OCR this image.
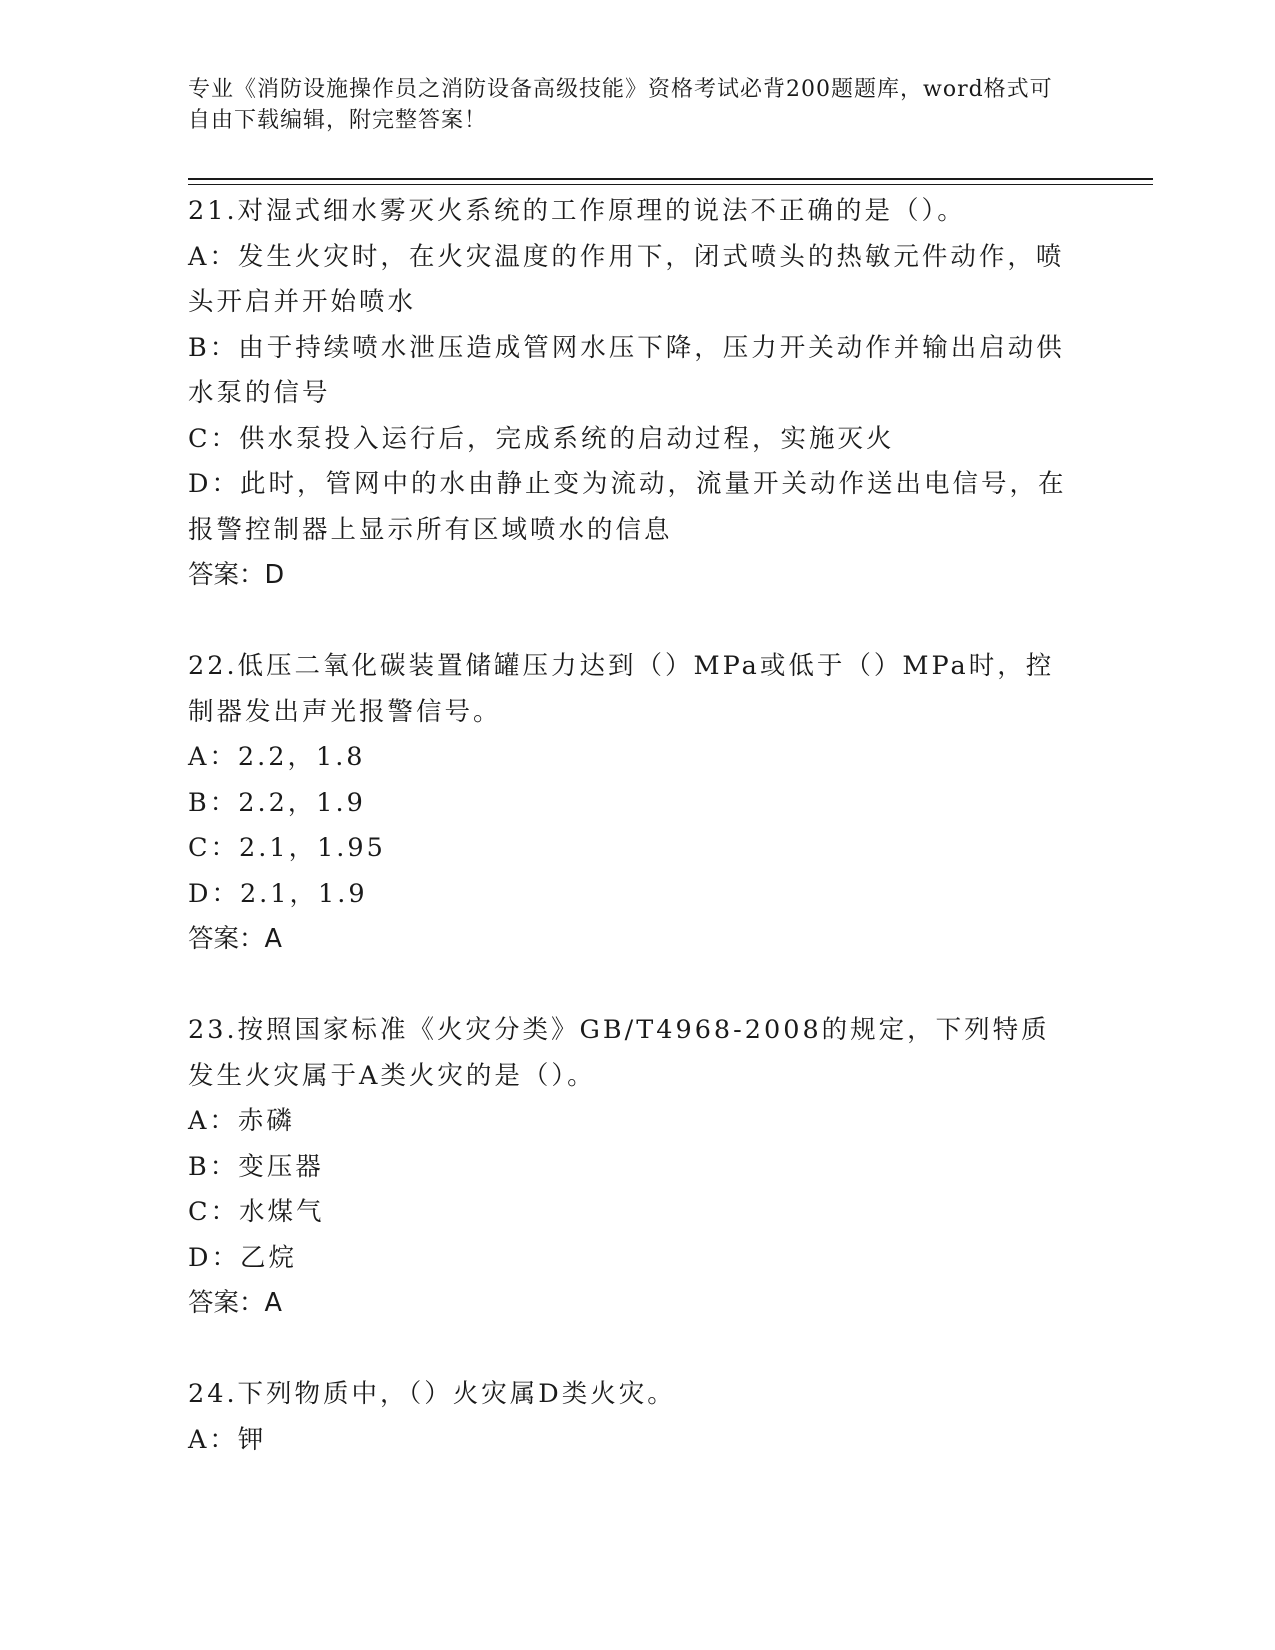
专业《消防设施操作员之消防设备高级技能》资格考试必背200题题库，word格式可自由下载编辑，附完整答案！

21.对湿式细水雾灭火系统的工作原理的说法不正确的是（）。

A：发生火灾时，在火灾温度的作用下，闭式喷头的热敏元件动作，喷头开启并开始喷水

B：由于持续喷水泄压造成管网水压下降，压力开关动作并输出启动供水泵的信号

C：供水泵投入运行后，完成系统的启动过程，实施灭火

D：此时，管网中的水由静止变为流动，流量开关动作送出电信号，在报警控制器上显示所有区域喷水的信息

答案：D

22.低压二氧化碳装置储罐压力达到（）MPa或低于（）MPa时，控制器发出声光报警信号。

A：2.2，1.8

B：2.2，1.9

C：2.1，1.95

D：2.1，1.9

答案：A

23.按照国家标准《火灾分类》GB/T4968-2008的规定，下列特质发生火灾属于A类火灾的是（）。

A：赤磷

B：变压器

C：水煤气

D：乙烷

答案：A

24.下列物质中，（）火灾属D类火灾。

A：钾
